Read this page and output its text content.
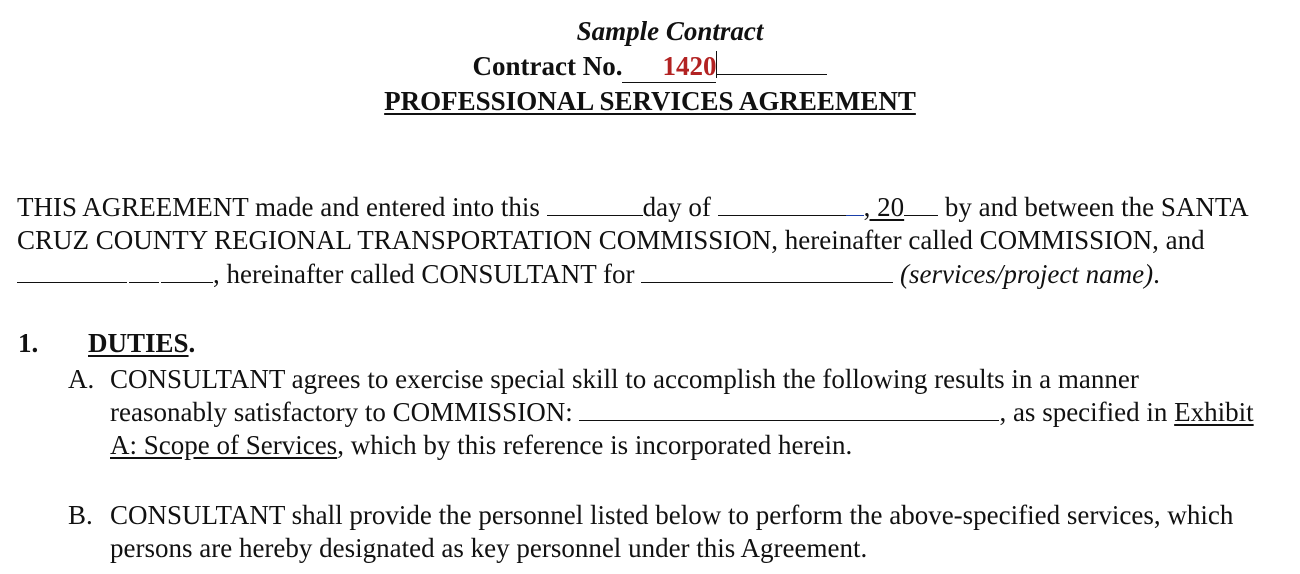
Sample Contract
Contract No. 1420
PROFESSIONAL SERVICES AGREEMENT
THIS AGREEMENT made and entered into this	day of	, 20 by and between the SANTA
CRUZ COUNTY REGIONAL TRANSPORTATION COMMISSION, hereinafter called COMMISSION, and
, hereinafter called CONSULTANT for	(services/project name).
1. DUTIES.
A. CONSULTANT agrees to exercise special skill to accomplish the following results in a manner
reasonably satisfactory to COMMISSION:	, as specified in Exhibit
A: Scope of Services, which by this reference is incorporated herein.
B. CONSULTANT shall provide the personnel listed below to perform the above-specified services, which
persons are hereby designated as key personnel under this Agreement.
